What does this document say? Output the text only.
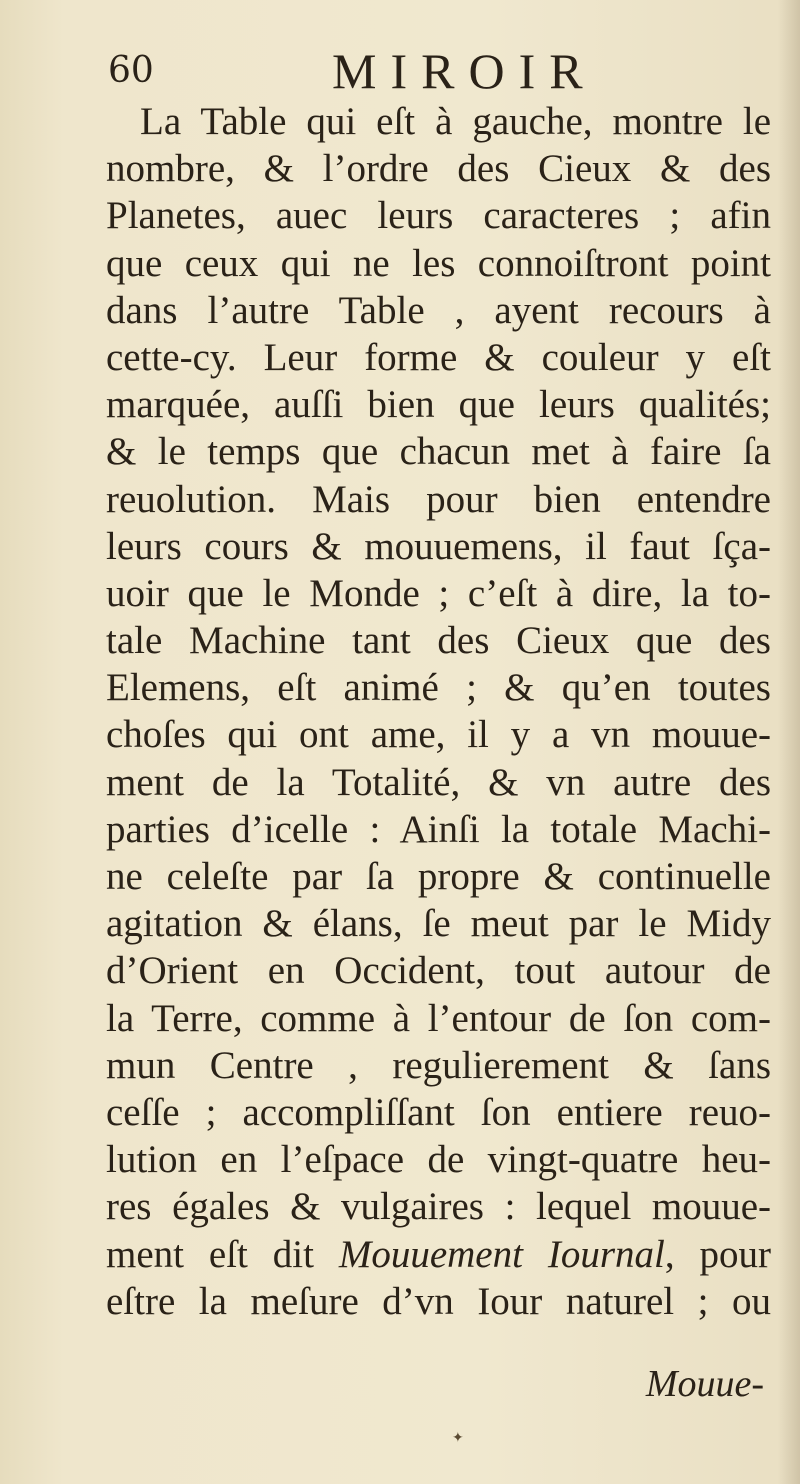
60	MIROIR
La Table qui eſt à gauche, montre le
nombre, & l’ordre des Cieux & des
Planetes, auec leurs caracteres ; afin
que ceux qui ne les connoiſtront point
dans l’autre Table , ayent recours à
cette-cy. Leur forme & couleur y eſt
marquée, auſſi bien que leurs qualités;
& le temps que chacun met à faire ſa
reuolution. Mais pour bien entendre
leurs cours & mouuemens, il faut ſça-
uoir que le Monde ; c’eſt à dire, la to-
tale Machine tant des Cieux que des
Elemens, eſt animé ; & qu’en toutes
choſes qui ont ame, il y a vn mouue-
ment de la Totalité, & vn autre des
parties d’icelle : Ainſi la totale Machi-
ne celeſte par ſa propre & continuelle
agitation & élans, ſe meut par le Midy
d’Orient en Occident, tout autour de
la Terre, comme à l’entour de ſon com-
mun Centre , regulierement & ſans
ceſſe ; accompliſſant ſon entiere reuo-
lution en l’eſpace de vingt-quatre heu-
res égales & vulgaires : lequel mouue-
ment eſt dit Mouuement Iournal, pour
eſtre la meſure d’vn Iour naturel ; ou
Mouue-
✦
